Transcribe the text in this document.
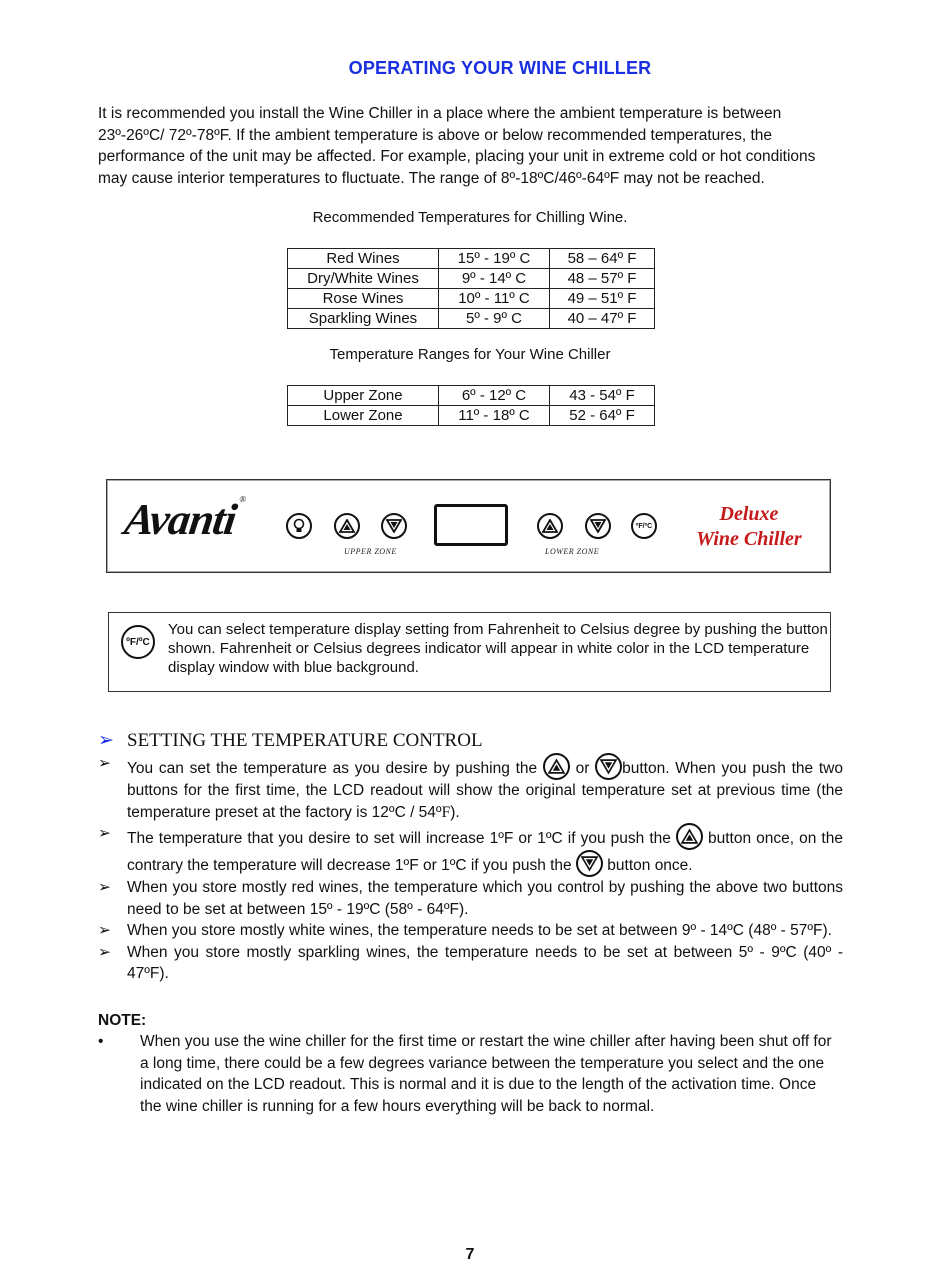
OPERATING YOUR WINE CHILLER
It is recommended you install the Wine Chiller in a place where the ambient temperature is between 23º-26ºC/ 72º-78ºF. If the ambient temperature is above or below recommended temperatures, the performance of the unit may be affected. For example, placing your unit in extreme cold or hot conditions may cause interior temperatures to fluctuate. The range of 8º-18ºC/46º-64ºF may not be reached.
Recommended Temperatures for Chilling Wine.
Red Wines	15º - 19º C	58 – 64º F
Dry/White Wines	9º - 14º C	48 – 57º F
Rose Wines	10º - 11º C	49 – 51º F
Sparkling Wines	5º - 9º C	40 – 47º F
Temperature Ranges for Your Wine Chiller
Upper Zone	6º - 12º C	43 - 54º F
Lower Zone	11º - 18º C	52 - 64º F
Avanti®
UPPER ZONE	LOWER ZONE
ºF/ºC
Deluxe
Wine Chiller
ºF/ºC
You can select temperature display setting from Fahrenheit to Celsius degree by pushing the button shown. Fahrenheit or Celsius degrees indicator will appear in white color in the LCD temperature display window with blue background.
➢ SETTING THE TEMPERATURE CONTROL
➢ You can set the temperature as you desire by pushing the
or
button. When you push the two buttons for the first time, the LCD readout will show the original temperature set at previous time (the temperature preset at the factory is 12ºC / 54ºF).
➢ The temperature that you desire to set will increase 1ºF or 1ºC if you push the
button once, on the contrary the temperature will decrease 1ºF or 1ºC if you push the
button once.
➢ When you store mostly red wines, the temperature which you control by pushing the above two buttons need to be set at between 15º - 19ºC (58º - 64ºF).
➢ When you store mostly white wines, the temperature needs to be set at between 9º - 14ºC (48º - 57ºF).
➢ When you store mostly sparkling wines, the temperature needs to be set at between 5º - 9ºC (40º - 47ºF).
NOTE:
• When you use the wine chiller for the first time or restart the wine chiller after having been shut off for a long time, there could be a few degrees variance between the temperature you select and the one indicated on the LCD readout. This is normal and it is due to the length of the activation time. Once the wine chiller is running for a few hours everything will be back to normal.
7
